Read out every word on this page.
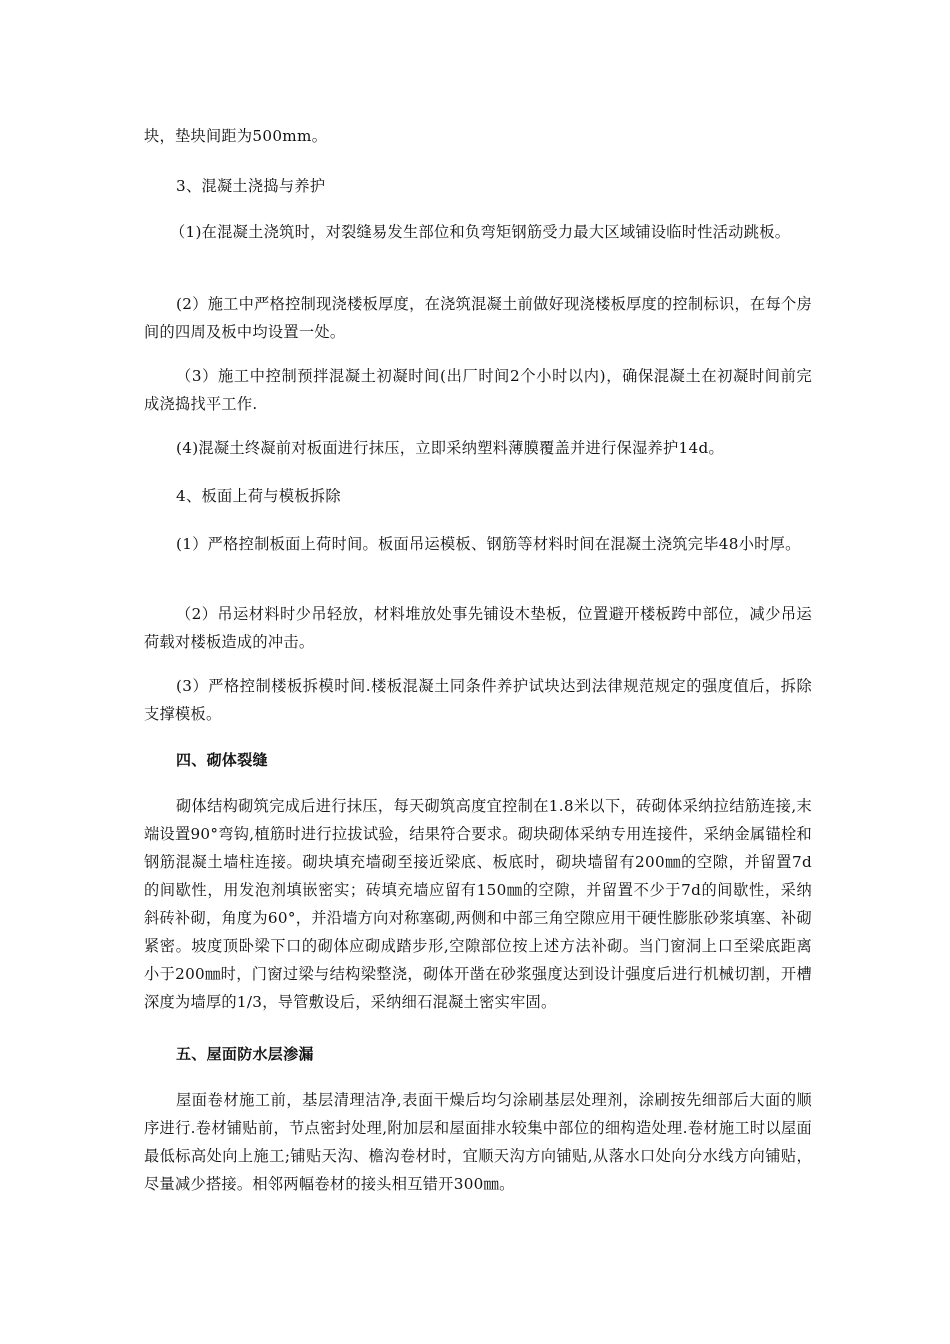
块，垫块间距为500mm。

3、混凝土浇捣与养护

（1)在混凝土浇筑时，对裂缝易发生部位和负弯矩钢筋受力最大区域铺设临时性活动跳板。

(2）施工中严格控制现浇楼板厚度，在浇筑混凝土前做好现浇楼板厚度的控制标识，在每个房间的四周及板中均设置一处。

（3）施工中控制预拌混凝土初凝时间(出厂时间2个小时以内)，确保混凝土在初凝时间前完成浇捣找平工作.

(4)混凝土终凝前对板面进行抹压，立即采纳塑料薄膜覆盖并进行保湿养护14d。

4、板面上荷与模板拆除

(1）严格控制板面上荷时间。板面吊运模板、钢筋等材料时间在混凝土浇筑完毕48小时厚。

（2）吊运材料时少吊轻放，材料堆放处事先铺设木垫板，位置避开楼板跨中部位，减少吊运荷载对楼板造成的冲击。

(3）严格控制楼板拆模时间.楼板混凝土同条件养护试块达到法律规范规定的强度值后，拆除支撑模板。

四、砌体裂缝

砌体结构砌筑完成后进行抹压，每天砌筑高度宜控制在1.8米以下，砖砌体采纳拉结筋连接,末端设置90°弯钩,植筋时进行拉拔试验，结果符合要求。砌块砌体采纳专用连接件，采纳金属锚栓和钢筋混凝土墙柱连接。砌块填充墙砌至接近梁底、板底时，砌块墙留有200㎜的空隙，并留置7d的间歇性，用发泡剂填嵌密实；砖填充墙应留有150㎜的空隙，并留置不少于7d的间歇性，采纳斜砖补砌，角度为60°，并沿墙方向对称塞砌,两侧和中部三角空隙应用干硬性膨胀砂浆填塞、补砌紧密。坡度顶卧梁下口的砌体应砌成踏步形,空隙部位按上述方法补砌。当门窗洞上口至梁底距离小于200㎜时，门窗过梁与结构梁整浇，砌体开凿在砂浆强度达到设计强度后进行机械切割，开槽深度为墙厚的1/3，导管敷设后，采纳细石混凝土密实牢固。

五、屋面防水层渗漏

屋面卷材施工前，基层清理洁净,表面干燥后均匀涂刷基层处理剂，涂刷按先细部后大面的顺序进行.卷材铺贴前，节点密封处理,附加层和屋面排水较集中部位的细构造处理.卷材施工时以屋面最低标高处向上施工;铺贴天沟、檐沟卷材时，宜顺天沟方向铺贴,从落水口处向分水线方向铺贴，尽量减少搭接。相邻两幅卷材的接头相互错开300㎜。
